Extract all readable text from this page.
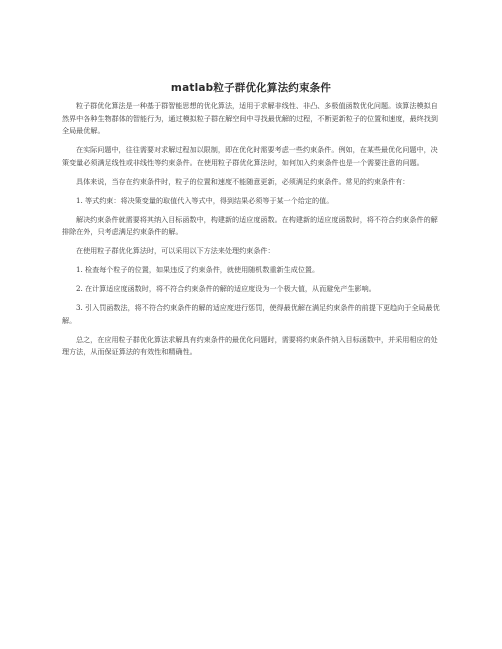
matlab粒子群优化算法约束条件

粒子群优化算法是一种基于群智能思想的优化算法，适用于求解非线性、非凸、多极值函数优化问题。该算法模拟自然界中各种生物群体的智能行为，通过模拟粒子群在解空间中寻找最优解的过程，不断更新粒子的位置和速度，最终找到全局最优解。

在实际问题中，往往需要对求解过程加以限制，即在优化时需要考虑一些约束条件。例如，在某些最优化问题中，决策变量必须满足线性或非线性等约束条件。在使用粒子群优化算法时，如何加入约束条件也是一个需要注意的问题。

具体来说，当存在约束条件时，粒子的位置和速度不能随意更新，必须满足约束条件。常见的约束条件有：

1. 等式约束：将决策变量的取值代入等式中，得到结果必须等于某一个给定的值。

解决约束条件就需要将其纳入目标函数中，构建新的适应度函数。在构建新的适应度函数时，将不符合约束条件的解排除在外，只考虑满足约束条件的解。

在使用粒子群优化算法时，可以采用以下方法来处理约束条件：

1. 检查每个粒子的位置，如果违反了约束条件，就使用随机数重新生成位置。

2. 在计算适应度函数时，将不符合约束条件的解的适应度设为一个极大值，从而避免产生影响。

3. 引入罚函数法，将不符合约束条件的解的适应度进行惩罚，使得最优解在满足约束条件的前提下更趋向于全局最优解。

总之，在应用粒子群优化算法求解具有约束条件的最优化问题时，需要将约束条件纳入目标函数中，并采用相应的处理方法，从而保证算法的有效性和精确性。
